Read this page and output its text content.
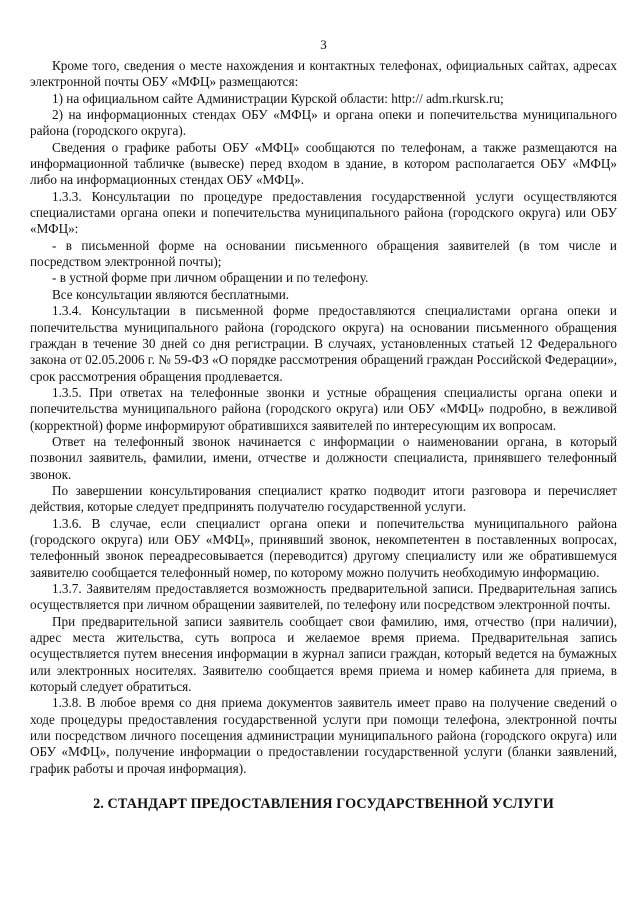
3

Кроме того, сведения о месте нахождения и контактных телефонах, официальных сайтах, адресах электронной почты ОБУ «МФЦ» размещаются:

1) на официальном сайте Администрации Курской области: http:// adm.rkursk.ru;

2) на информационных стендах ОБУ «МФЦ» и органа опеки и попечительства муниципального района (городского округа).

Сведения о графике работы ОБУ «МФЦ» сообщаются по телефонам, а также размещаются на информационной табличке (вывеске) перед входом в здание, в котором располагается ОБУ «МФЦ» либо на информационных стендах ОБУ «МФЦ».

1.3.3. Консультации по процедуре предоставления государственной услуги осуществляются специалистами органа опеки и попечительства муниципального района (городского округа) или ОБУ «МФЦ»:

- в письменной форме на основании письменного обращения заявителей (в том числе и посредством электронной почты);

- в устной форме при личном обращении и по телефону.

Все консультации являются бесплатными.

1.3.4. Консультации в письменной форме предоставляются специалистами органа опеки и попечительства муниципального района (городского округа) на основании письменного обращения граждан в течение 30 дней со дня регистрации. В случаях, установленных статьей 12 Федерального закона от 02.05.2006 г. № 59-ФЗ «О порядке рассмотрения обращений граждан Российской Федерации», срок рассмотрения обращения продлевается.

1.3.5. При ответах на телефонные звонки и устные обращения специалисты органа опеки и попечительства муниципального района (городского округа) или ОБУ «МФЦ» подробно, в вежливой (корректной) форме информируют обратившихся заявителей по интересующим их вопросам.

Ответ на телефонный звонок начинается с информации о наименовании органа, в который позвонил заявитель, фамилии, имени, отчестве и должности специалиста, принявшего телефонный звонок.

По завершении консультирования специалист кратко подводит итоги разговора и перечисляет действия, которые следует предпринять получателю государственной услуги.

1.3.6. В случае, если специалист органа опеки и попечительства муниципального района (городского округа) или ОБУ «МФЦ», принявший звонок, некомпетентен в поставленных вопросах, телефонный звонок переадресовывается (переводится) другому специалисту или же обратившемуся заявителю сообщается телефонный номер, по которому можно получить необходимую информацию.

1.3.7. Заявителям предоставляется возможность предварительной записи. Предварительная запись осуществляется при личном обращении заявителей, по телефону или посредством электронной почты.

При предварительной записи заявитель сообщает свои фамилию, имя, отчество (при наличии), адрес места жительства, суть вопроса и желаемое время приема. Предварительная запись осуществляется путем внесения информации в журнал записи граждан, который ведется на бумажных или электронных носителях. Заявителю сообщается время приема и номер кабинета для приема, в который следует обратиться.

1.3.8. В любое время со дня приема документов заявитель имеет право на получение сведений о ходе процедуры предоставления государственной услуги при помощи телефона, электронной почты или посредством личного посещения администрации муниципального района (городского округа) или ОБУ «МФЦ», получение информации о предоставлении государственной услуги (бланки заявлений, график работы и прочая информация).

2. СТАНДАРТ ПРЕДОСТАВЛЕНИЯ ГОСУДАРСТВЕННОЙ УСЛУГИ
